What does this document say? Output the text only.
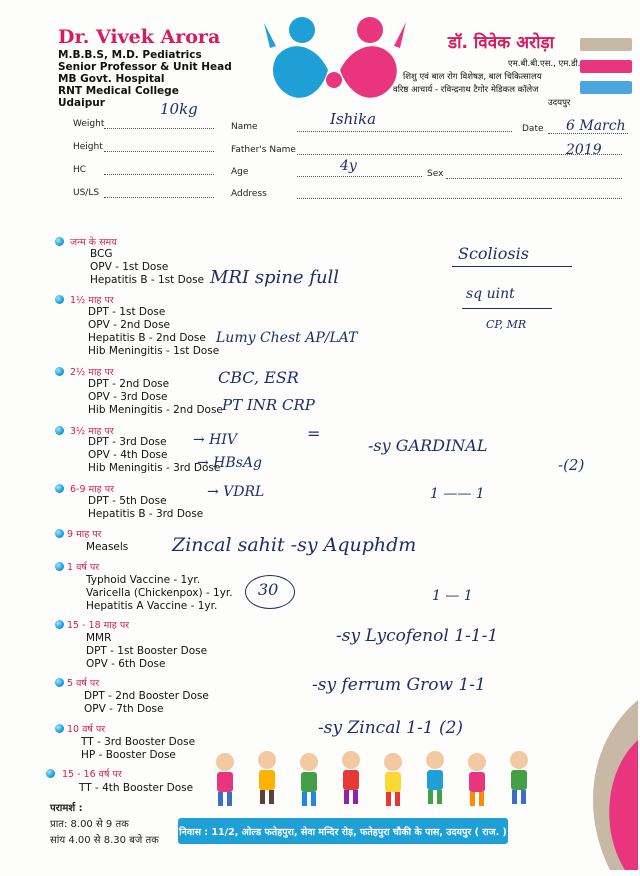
Dr. Vivek Arora
M.B.B.S, M.D. Pediatrics
Senior Professor & Unit Head
MB Govt. Hospital
RNT Medical College
Udaipur
डॉ. विवेक अरोड़ा
एम.बी.बी.एस., एम.डी.
शिशु एवं बाल रोग विशेषज्ञ, बाल चिकित्सालय
वरिष्ठ आचार्य - रविन्द्रनाथ टैगोर मेडिकल कॉलेज
उदयपुर
Weight
10kg
Height
HC
US/LS
Name	Ishika
Date 6 March 2019
Father's Name
Age	4y	Sex
Address
जन्म के समय
BCG
OPV - 1st Dose
Hepatitis B - 1st Dose
1½ माह पर
DPT - 1st Dose
OPV - 2nd Dose
Hepatitis B - 2nd Dose
Hib Meningitis - 1st Dose
2½ माह पर
DPT - 2nd Dose
OPV - 3rd Dose
Hib Meningitis - 2nd Dose
3½ माह पर
DPT - 3rd Dose
OPV - 4th Dose
Hib Meningitis - 3rd Dose
6-9 माह पर
DPT - 5th Dose
Hepatitis B - 3rd Dose
9 माह पर
Measels
1 वर्ष पर
Typhoid Vaccine - 1yr.
Varicella (Chickenpox) - 1yr.
Hepatitis A Vaccine - 1yr.
15 - 18 माह पर
MMR
DPT - 1st Booster Dose
OPV - 6th Dose
5 वर्ष पर
DPT - 2nd Booster Dose
OPV - 7th Dose
10 वर्ष पर
TT - 3rd Booster Dose
HP - Booster Dose
15 - 16 वर्ष पर
TT - 4th Booster Dose
Scoliosis
sq uint
CP, MR
MRI spine full
Lumy Chest AP/LAT
CBC, ESR
PT INR CRP
→ HIV	=
→ HBsAg
→ VDRL
-sy GARDINAL
-(2)
1 —— 1
Zincal sahit -sy Aquphdm
30	1 — 1
-sy Lycofenol 1-1-1
-sy ferrum Grow 1-1
-sy Zincal 1-1 (2)
परामर्श :
प्रात: 8.00 से 9 तक
सांय 4.00 से 8.30 बजे तक
निवास : 11/2, ओल्ड फतेहपुरा, सेवा मन्दिर रोड़, फतेहपुरा चौकी के पास, उदयपुर ( राज. )
